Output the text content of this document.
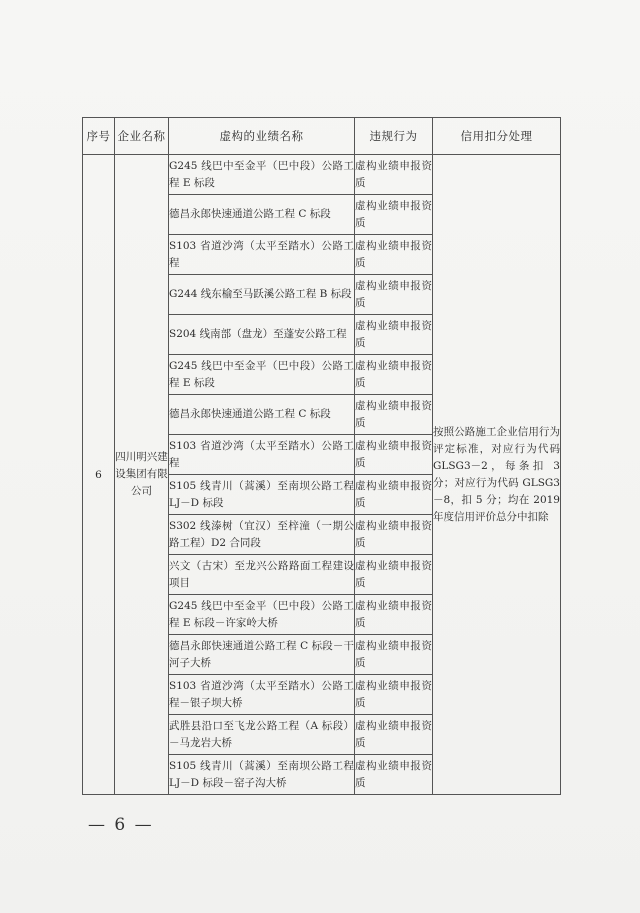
序号	企业名称	虚构的业绩名称	违规行为	信用扣分处理
6	四川明兴建设集团有限公司	G245 线巴中至金平（巴中段）公路工程 E 标段	虚构业绩申报资质	按照公路施工企业信用行为评定标准，对应行为代码 GLSG3－2，每条扣 3 分；对应行为代码 GLSG3－8，扣 5 分；均在 2019 年度信用评价总分中扣除
		德昌永郎快速通道公路工程 C 标段	虚构业绩申报资质	
		S103 省道沙湾（太平至踏水）公路工程	虚构业绩申报资质	
		G244 线东榆至马跃溪公路工程 B 标段	虚构业绩申报资质	
		S204 线南部（盘龙）至蓬安公路工程	虚构业绩申报资质	
		G245 线巴中至金平（巴中段）公路工程 E 标段	虚构业绩申报资质	
		德昌永郎快速通道公路工程 C 标段	虚构业绩申报资质	
		S103 省道沙湾（太平至踏水）公路工程	虚构业绩申报资质	
		S105 线青川（蒿溪）至南坝公路工程 LJ－D 标段	虚构业绩申报资质	
		S302 线溙树（宜汉）至梓潼（一期公路工程）D2 合同段	虚构业绩申报资质	
		兴文（古宋）至龙兴公路路面工程建设项目	虚构业绩申报资质	
		G245 线巴中至金平（巴中段）公路工程 E 标段－许家岭大桥	虚构业绩申报资质	
		德昌永郎快速通道公路工程 C 标段－干河子大桥	虚构业绩申报资质	
		S103 省道沙湾（太平至踏水）公路工程－银子坝大桥	虚构业绩申报资质	
		武胜县沿口至飞龙公路工程（A 标段）－马龙岩大桥	虚构业绩申报资质	
		S105 线青川（蒿溪）至南坝公路工程 LJ－D 标段－窑子沟大桥	虚构业绩申报资质	
— 6 —
